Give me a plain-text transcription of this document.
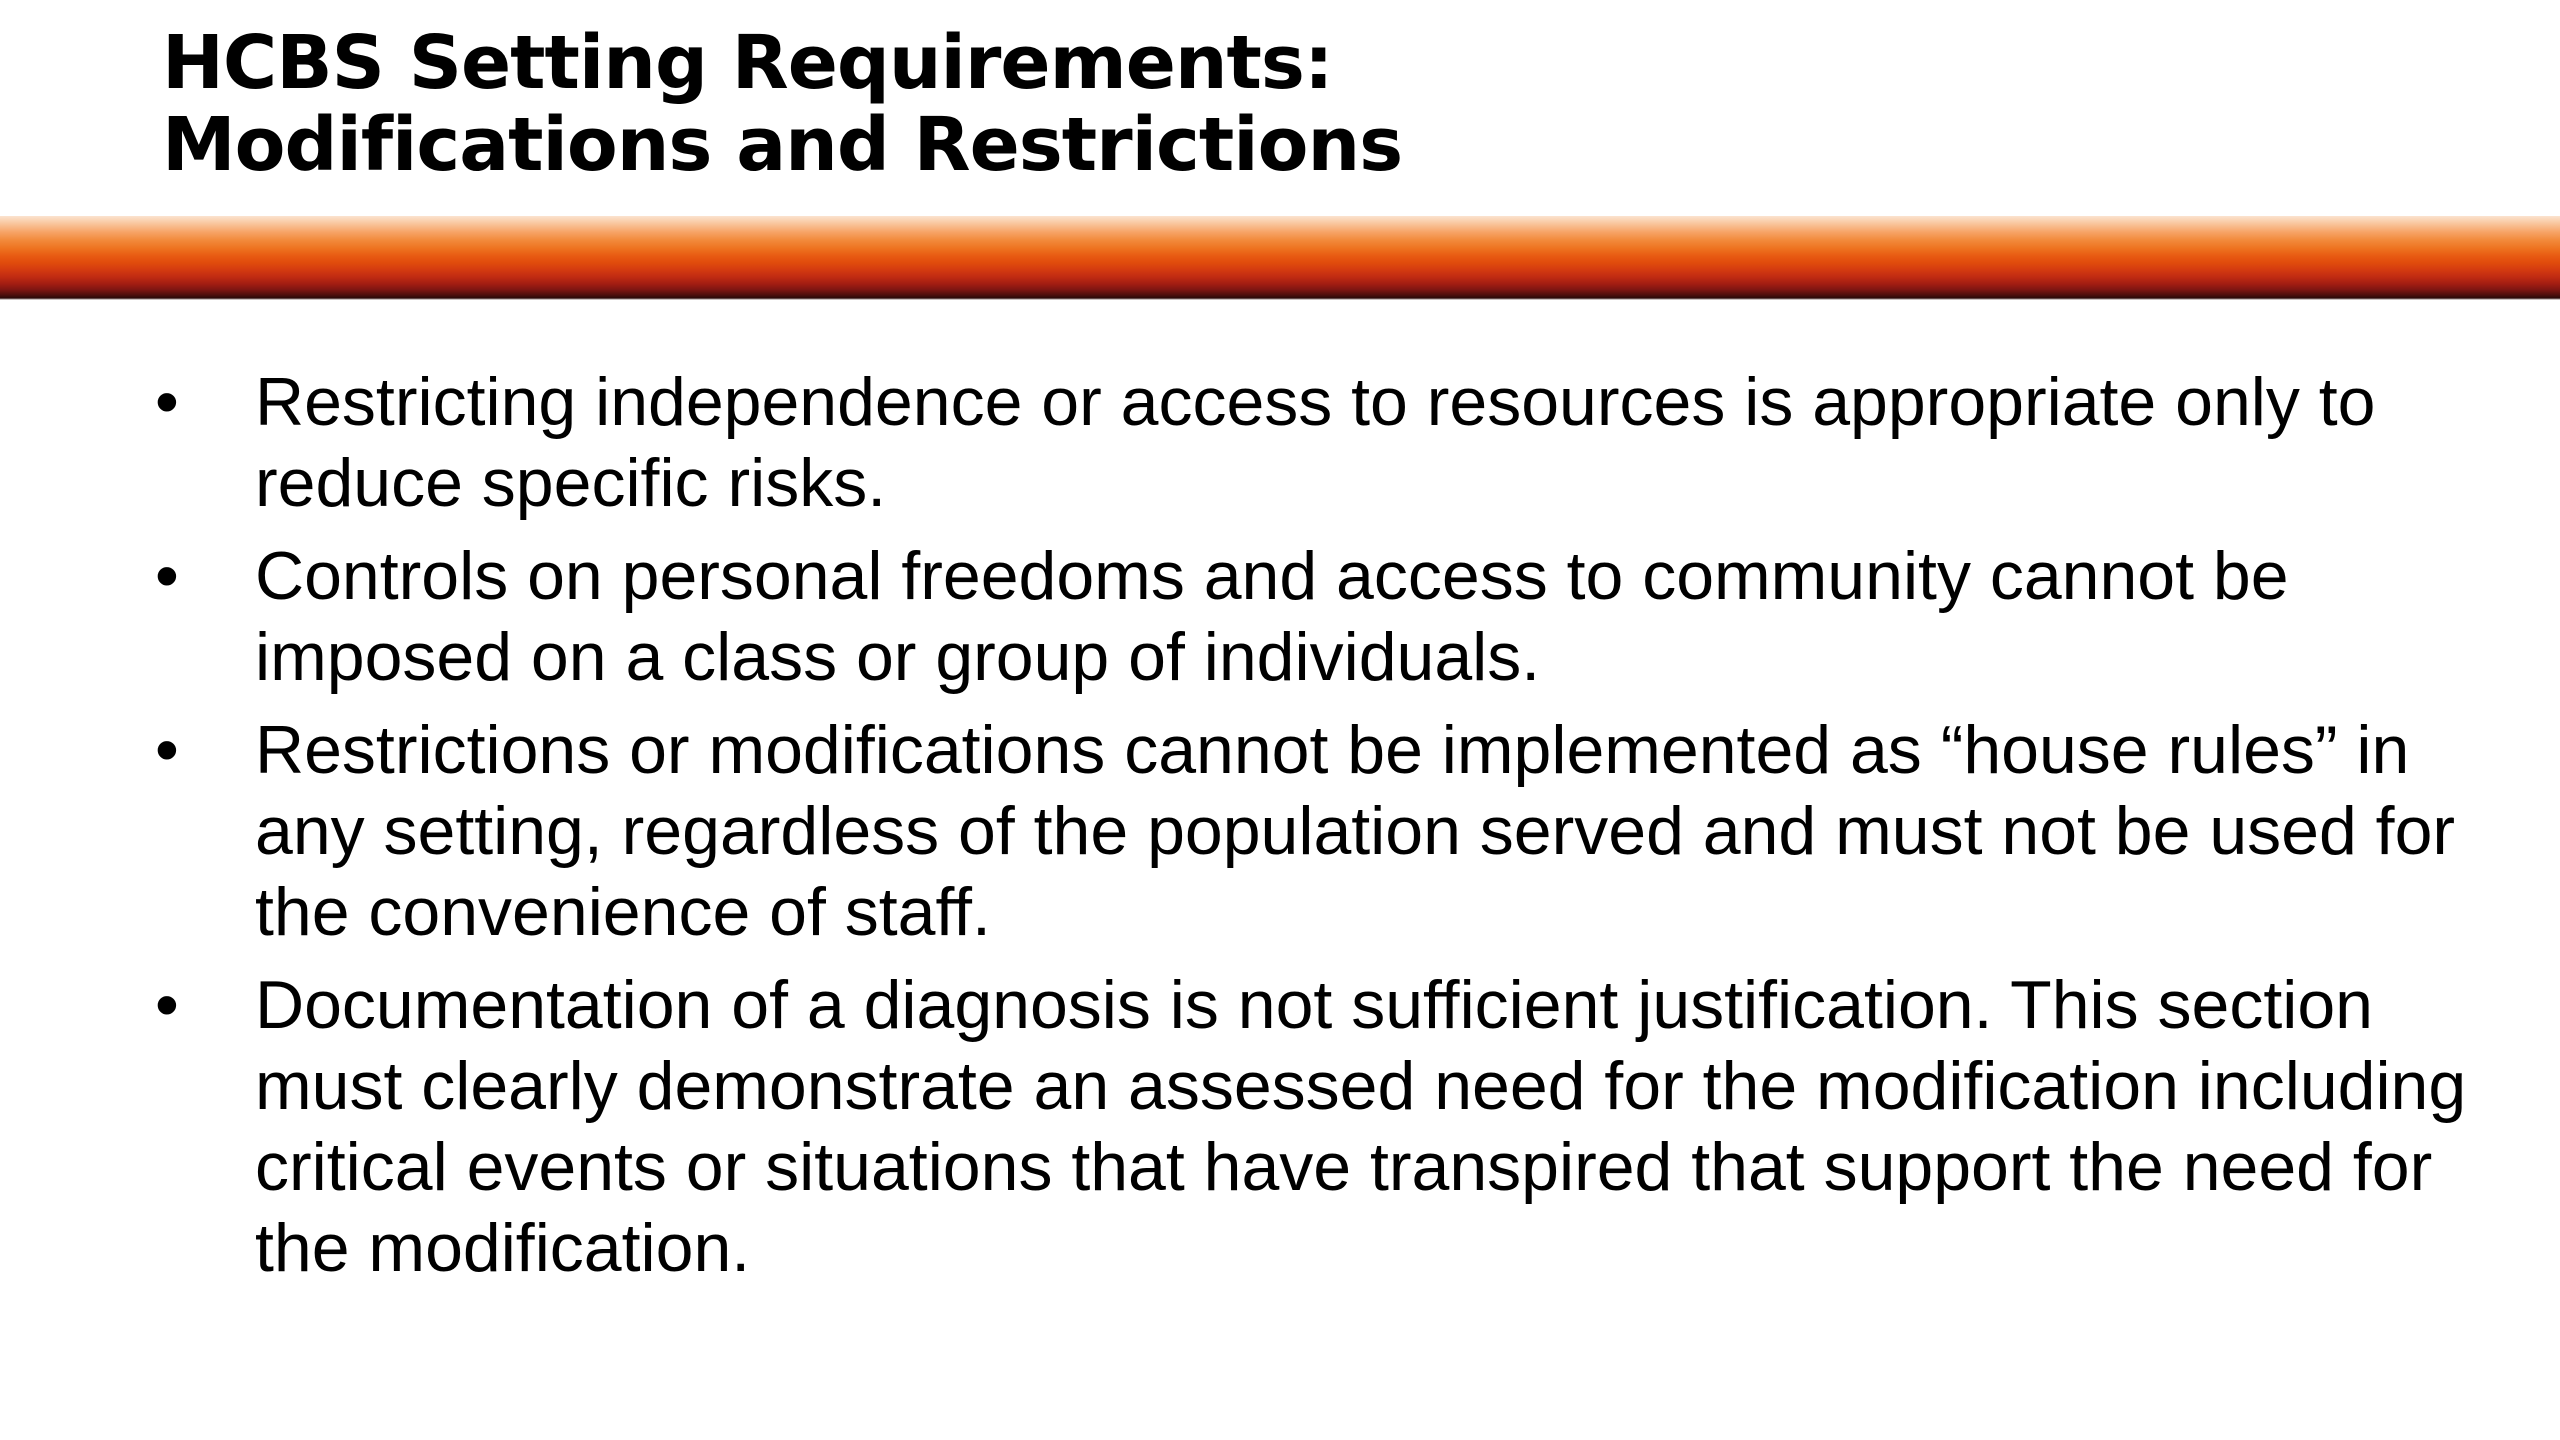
HCBS Setting Requirements:
Modifications and Restrictions
• Restricting independence or access to resources is appropriate only to reduce specific risks.
• Controls on personal freedoms and access to community cannot be imposed on a class or group of individuals.
• Restrictions or modifications cannot be implemented as “house rules” in any setting, regardless of the population served and must not be used for the convenience of staff.
• Documentation of a diagnosis is not sufficient justification. This section must clearly demonstrate an assessed need for the modification including critical events or situations that have transpired that support the need for the modification.
